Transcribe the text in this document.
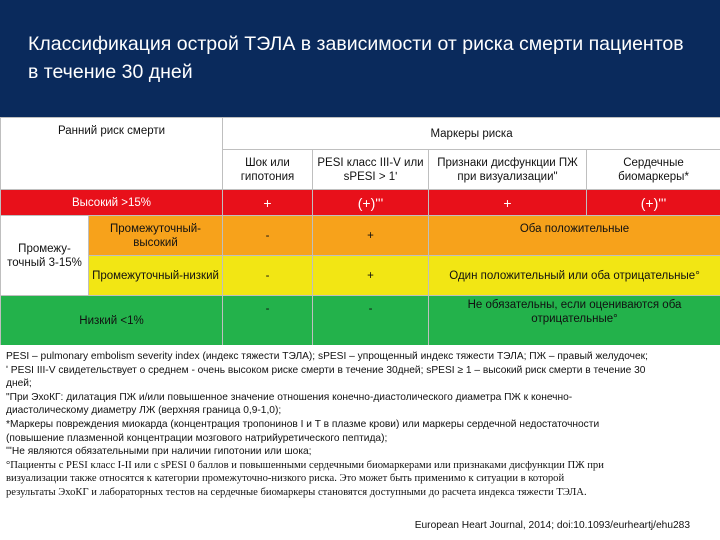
Классификация острой ТЭЛА в зависимости от риска смерти пациентов в течение 30 дней
Ранний риск смерти		Маркеры риска			
		Шок или гипотония	PESI класс III-V или sPESI > 1ʹ	Признаки дисфункции ПЖ при визуализации"	Сердечные биомаркеры*
Высокий >15%		+	(+)ʹʹʹ	+	(+)ʹʹʹ
Промежу-точный 3-15%	Промежуточный-высокий	-	+	Оба положительные	
	Промежуточный-низкий	-	+	Один положительный или оба отрицательные°	
Низкий <1%		-	-	Не обязательны, если оцениваются оба отрицательные°	

PESI – pulmonary embolism severity index (индекс тяжести ТЭЛА); sPESI – упрощенный индекс тяжести ТЭЛА; ПЖ – правый желудочек;

ʹ PESI III-V свидетельствует о среднем - очень высоком риске смерти в течение 30дней; sPESI ≥ 1 – высокий риск смерти в течение 30

дней;

"При ЭхоКГ: дилатация ПЖ и/или повышенное значение отношения конечно-диастолического диаметра ПЖ к конечно-

диастолическому диаметру ЛЖ (верхняя граница 0,9-1,0);

*Маркеры повреждения миокарда (концентрация тропонинов I и T в плазме крови) или маркеры сердечной недостаточности

(повышение плазменной концентрации мозгового натрийуретического пептида);

ʹʹʹНе являются обязательными при наличии гипотонии или шока;

°Пациенты с PESI класс I-II или с sPESI 0 баллов и повышенными сердечными биомаркерами или признаками дисфункции ПЖ при

визуализации также относятся к категории промежуточно-низкого риска. Это может быть применимо к ситуации в которой

результаты ЭхоКГ и лабораторных тестов на сердечные биомаркеры становятся доступными до расчета индекса тяжести ТЭЛА.

European Heart Journal, 2014; doi:10.1093/eurheartj/ehu283
